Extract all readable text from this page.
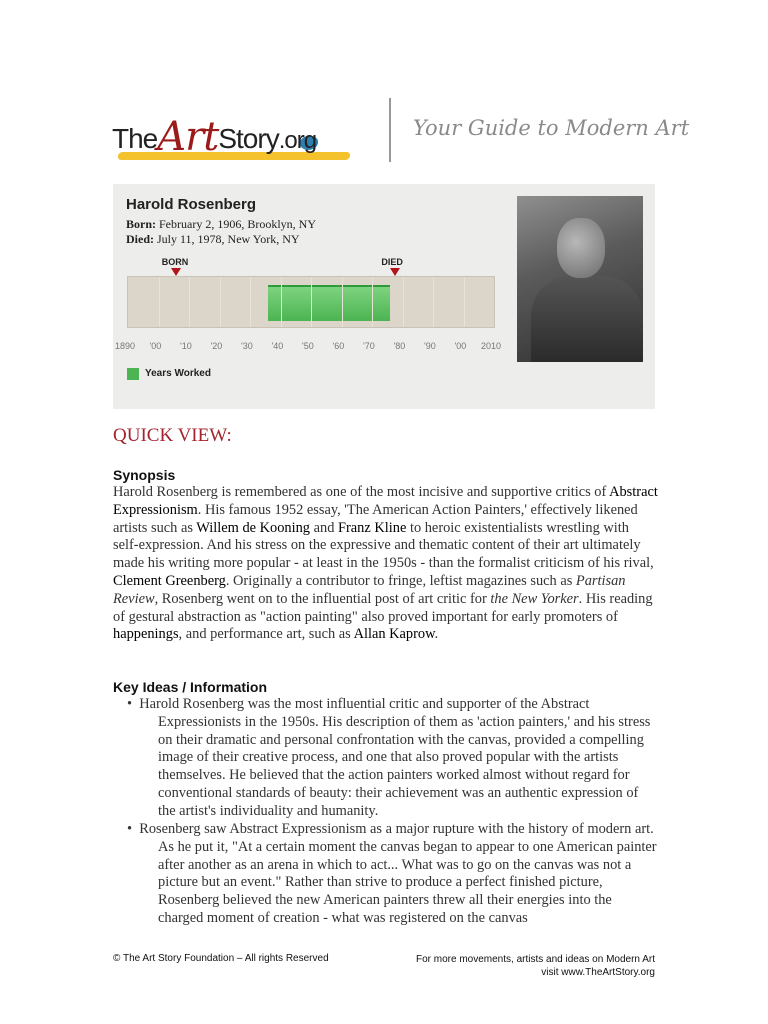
TheArtStory.org	Your Guide to Modern Art
Harold Rosenberg
Born: February 2, 1906, Brooklyn, NY
Died: July 11, 1978, New York, NY
BORN	DIED
1890 '00 '10 '20 '30 '40 '50 '60 '70 '80 '90 '00 2010
Years Worked
QUICK VIEW:
Synopsis
Harold Rosenberg is remembered as one of the most incisive and supportive critics of Abstract Expressionism. His famous 1952 essay, 'The American Action Painters,' effectively likened artists such as Willem de Kooning and Franz Kline to heroic existentialists wrestling with self-expression. And his stress on the expressive and thematic content of their art ultimately made his writing more popular - at least in the 1950s - than the formalist criticism of his rival, Clement Greenberg. Originally a contributor to fringe, leftist magazines such as Partisan Review, Rosenberg went on to the influential post of art critic for the New Yorker. His reading of gestural abstraction as "action painting" also proved important for early promoters of happenings, and performance art, such as Allan Kaprow.
Key Ideas / Information
• Harold Rosenberg was the most influential critic and supporter of the Abstract Expressionists in the 1950s. His description of them as 'action painters,' and his stress on their dramatic and personal confrontation with the canvas, provided a compelling image of their creative process, and one that also proved popular with the artists themselves. He believed that the action painters worked almost without regard for conventional standards of beauty: their achievement was an authentic expression of the artist's individuality and humanity.
• Rosenberg saw Abstract Expressionism as a major rupture with the history of modern art. As he put it, "At a certain moment the canvas began to appear to one American painter after another as an arena in which to act... What was to go on the canvas was not a picture but an event." Rather than strive to produce a perfect finished picture, Rosenberg believed the new American painters threw all their energies into the charged moment of creation - what was registered on the canvas
© The Art Story Foundation – All rights Reserved	For more movements, artists and ideas on Modern Art
visit www.TheArtStory.org
